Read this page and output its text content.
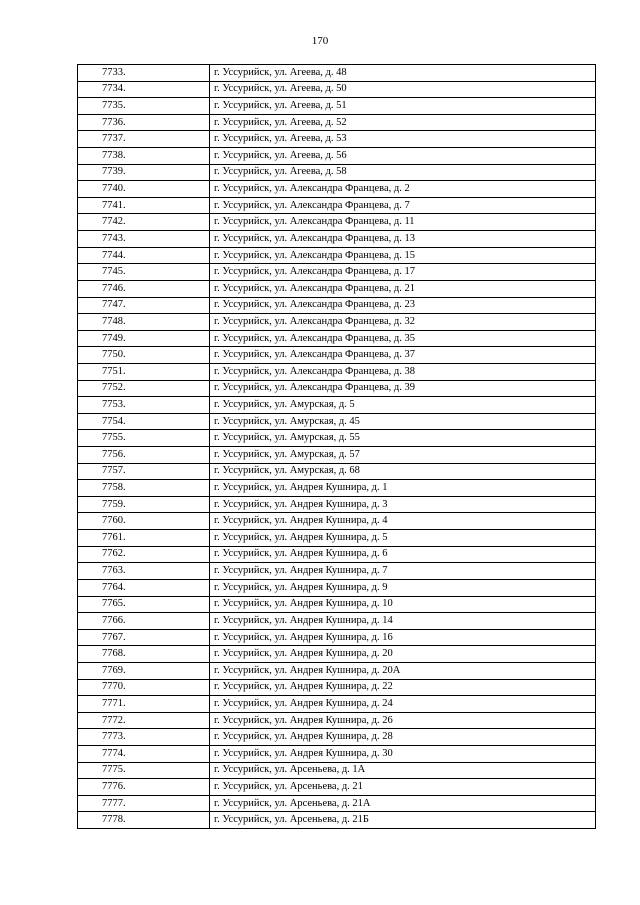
170
7733.	г. Уссурийск, ул. Агеева, д. 48
7734.	г. Уссурийск, ул. Агеева, д. 50
7735.	г. Уссурийск, ул. Агеева, д. 51
7736.	г. Уссурийск, ул. Агеева, д. 52
7737.	г. Уссурийск, ул. Агеева, д. 53
7738.	г. Уссурийск, ул. Агеева, д. 56
7739.	г. Уссурийск, ул. Агеева, д. 58
7740.	г. Уссурийск, ул. Александра Францева, д. 2
7741.	г. Уссурийск, ул. Александра Францева, д. 7
7742.	г. Уссурийск, ул. Александра Францева, д. 11
7743.	г. Уссурийск, ул. Александра Францева, д. 13
7744.	г. Уссурийск, ул. Александра Францева, д. 15
7745.	г. Уссурийск, ул. Александра Францева, д. 17
7746.	г. Уссурийск, ул. Александра Францева, д. 21
7747.	г. Уссурийск, ул. Александра Францева, д. 23
7748.	г. Уссурийск, ул. Александра Францева, д. 32
7749.	г. Уссурийск, ул. Александра Францева, д. 35
7750.	г. Уссурийск, ул. Александра Францева, д. 37
7751.	г. Уссурийск, ул. Александра Францева, д. 38
7752.	г. Уссурийск, ул. Александра Францева, д. 39
7753.	г. Уссурийск, ул. Амурская, д. 5
7754.	г. Уссурийск, ул. Амурская, д. 45
7755.	г. Уссурийск, ул. Амурская, д. 55
7756.	г. Уссурийск, ул. Амурская, д. 57
7757.	г. Уссурийск, ул. Амурская, д. 68
7758.	г. Уссурийск, ул. Андрея Кушнира, д. 1
7759.	г. Уссурийск, ул. Андрея Кушнира, д. 3
7760.	г. Уссурийск, ул. Андрея Кушнира, д. 4
7761.	г. Уссурийск, ул. Андрея Кушнира, д. 5
7762.	г. Уссурийск, ул. Андрея Кушнира, д. 6
7763.	г. Уссурийск, ул. Андрея Кушнира, д. 7
7764.	г. Уссурийск, ул. Андрея Кушнира, д. 9
7765.	г. Уссурийск, ул. Андрея Кушнира, д. 10
7766.	г. Уссурийск, ул. Андрея Кушнира, д. 14
7767.	г. Уссурийск, ул. Андрея Кушнира, д. 16
7768.	г. Уссурийск, ул. Андрея Кушнира, д. 20
7769.	г. Уссурийск, ул. Андрея Кушнира, д. 20А
7770.	г. Уссурийск, ул. Андрея Кушнира, д. 22
7771.	г. Уссурийск, ул. Андрея Кушнира, д. 24
7772.	г. Уссурийск, ул. Андрея Кушнира, д. 26
7773.	г. Уссурийск, ул. Андрея Кушнира, д. 28
7774.	г. Уссурийск, ул. Андрея Кушнира, д. 30
7775.	г. Уссурийск, ул. Арсеньева, д. 1А
7776.	г. Уссурийск, ул. Арсеньева, д. 21
7777.	г. Уссурийск, ул. Арсеньева, д. 21А
7778.	г. Уссурийск, ул. Арсеньева, д. 21Б
